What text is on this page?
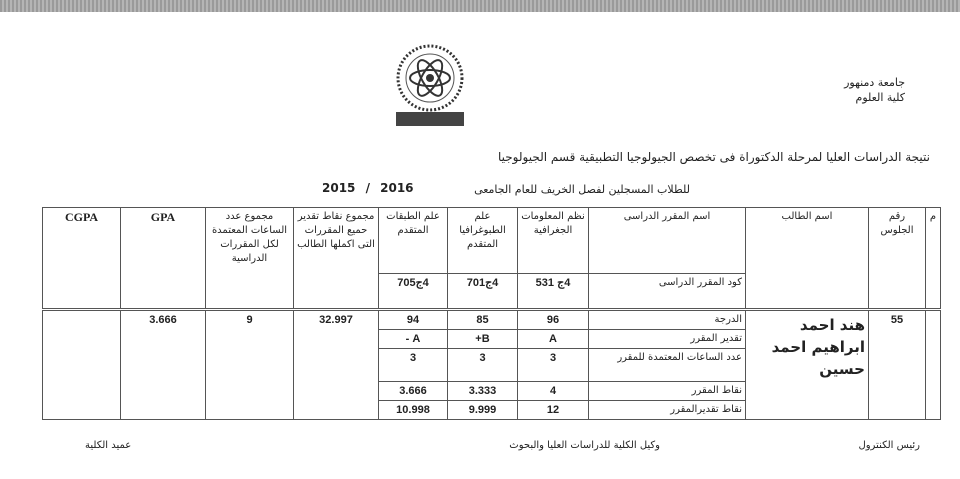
جامعة دمنهور
كلية العلوم
نتيجة الدراسات العليا لمرحلة الدكتوراة فى تخصص الجيولوجيا التطبيقية قسم الجيولوجيا
للطلاب المسجلين لفصل الخريف للعام الجامعى
2015 / 2016
م	رقم الجلوس	اسم الطالب	اسم المقرر الدراسى	نظم المعلومات الجغرافية	علم الطبوغرافيا المتقدم	علم الطبقات المتقدم	مجموع نقاط تقدير حميع المقررات التى اكملها الطالب	مجموع عدد الساعات المعتمدة لكل المقررات الدراسية	GPA	CGPA
			كود المقرر الدراسى	4ج 531	4ج701	4ج705				
	55	هند احمد ابراهيم احمد حسين	الدرجة	96	85	94	32.997	9	3.666	
			تقدير المقرر	A	B+	A -				
			عدد الساعات المعتمدة للمقرر	3	3	3				
			نقاط المقرر	4	3.333	3.666				
			نقاط تقديرالمقرر	12	9.999	10.998				
رئيس الكنترول
وكيل الكلية للدراسات العليا والبحوث
عميد الكلية
